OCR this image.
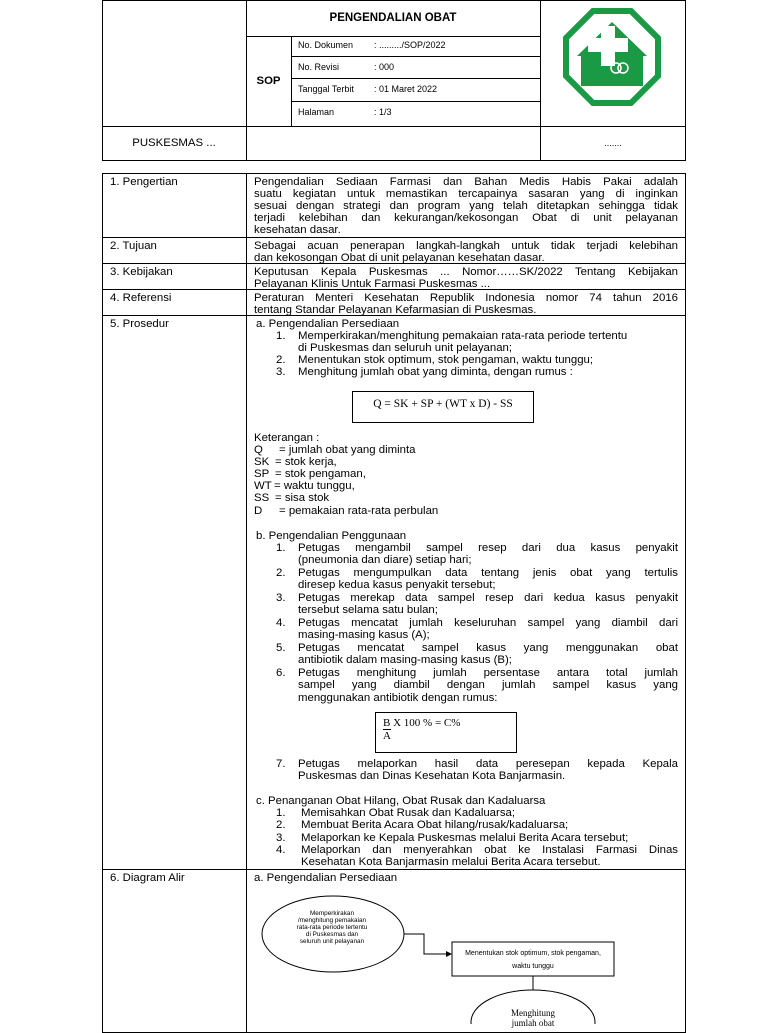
PENGENDALIAN OBAT
SOP
No. Dokumen : ........./SOP/2022
No. Revisi	: 000
Tanggal Terbit : 01 Maret 2022
Halaman	: 1/3
PUSKESMAS ...	.......
1. Pengertian	Pengendalian Sediaan Farmasi dan Bahan Medis Habis Pakai adalah
suatu kegiatan untuk memastikan tercapainya sasaran yang di inginkan
sesuai dengan strategi dan program yang telah ditetapkan sehingga tidak
terjadi kelebihan dan kekurangan/kekosongan Obat di unit pelayanan
kesehatan dasar.
2. Tujuan	Sebagai acuan penerapan langkah-langkah untuk tidak terjadi kelebihan
dan kekosongan Obat di unit pelayanan kesehatan dasar.
3. Kebijakan	Keputusan Kepala Puskesmas ... Nomor……SK/2022 Tentang Kebijakan
Pelayanan Klinis Untuk Farmasi Puskesmas ...
4. Referensi	Peraturan Menteri Kesehatan Republik Indonesia nomor 74 tahun 2016
tentang Standar Pelayanan Kefarmasian di Puskesmas.
5. Prosedur	a. Pengendalian Persediaan
1. Memperkirakan/menghitung pemakaian rata-rata periode tertentu
di Puskesmas dan seluruh unit pelayanan;
2. Menentukan stok optimum, stok pengaman, waktu tunggu;
3. Menghitung jumlah obat yang diminta, dengan rumus :
Q = SK + SP + (WT x D) - SS
Keterangan :
Q = jumlah obat yang diminta
SK = stok kerja,
SP = stok pengaman,
WT = waktu tunggu,
SS = sisa stok
D = pemakaian rata-rata perbulan
b. Pengendalian Penggunaan
1. Petugas mengambil sampel resep dari dua kasus penyakit
(pneumonia dan diare) setiap hari;
2. Petugas mengumpulkan data tentang jenis obat yang tertulis
diresep kedua kasus penyakit tersebut;
3. Petugas merekap data sampel resep dari kedua kasus penyakit
tersebut selama satu bulan;
4. Petugas mencatat jumlah keseluruhan sampel yang diambil dari
masing-masing kasus (A);
5. Petugas mencatat sampel kasus yang menggunakan obat
antibiotik dalam masing-masing kasus (B);
6. Petugas menghitung jumlah persentase antara total jumlah
sampel yang diambil dengan jumlah sampel kasus yang
menggunakan antibiotik dengan rumus:
B X 100 % = C%
A
7. Petugas melaporkan hasil data peresepan kepada Kepala
Puskesmas dan Dinas Kesehatan Kota Banjarmasin.
c. Penanganan Obat Hilang, Obat Rusak dan Kadaluarsa
1. Memisahkan Obat Rusak dan Kadaluarsa;
2. Membuat Berita Acara Obat hilang/rusak/kadaluarsa;
3. Melaporkan ke Kepala Puskesmas melalui Berita Acara tersebut;
4. Melaporkan dan menyerahkan obat ke Instalasi Farmasi Dinas
Kesehatan Kota Banjarmasin melalui Berita Acara tersebut.
6. Diagram Alir	a. Pengendalian Persediaan
Memperkirakan
/menghitung pemakaian
rata-rata periode tertentu
di Puskesmas dan
seluruh unit pelayanan
Menentukan stok optimum, stok pengaman,
waktu tunggu
Menghitung
jumlah obat
